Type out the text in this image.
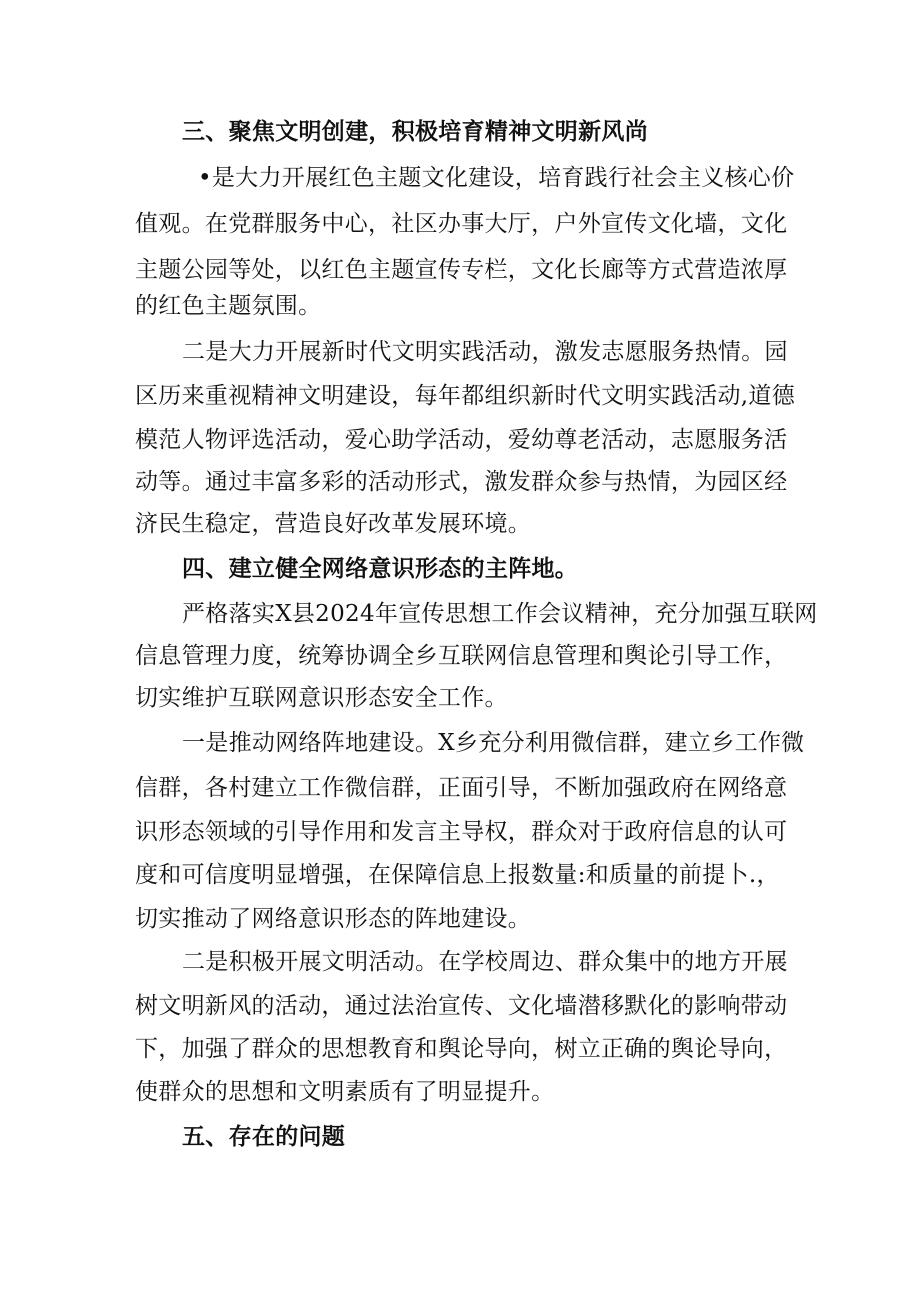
三、聚焦文明创建，积极培育精神文明新风尚
•是大力开展红色主题文化建设，培育践行社会主义核心价
值观。在党群服务中心，社区办事大厅，户外宣传文化墙，文化
主题公园等处，以红色主题宣传专栏，文化长廊等方式营造浓厚
的红色主题氛围。
二是大力开展新时代文明实践活动，激发志愿服务热情。园
区历来重视精神文明建设，每年都组织新时代文明实践活动,道德
模范人物评选活动，爱心助学活动，爱幼尊老活动，志愿服务活
动等。通过丰富多彩的活动形式，激发群众参与热情，为园区经
济民生稳定，营造良好改革发展环境。
四、建立健全网络意识形态的主阵地。
严格落实X县2024年宣传思想工作会议精神，充分加强互联网
信息管理力度，统筹协调全乡互联网信息管理和舆论引导工作，
切实维护互联网意识形态安全工作。
一是推动网络阵地建设。X乡充分利用微信群，建立乡工作微
信群，各村建立工作微信群，正面引导，不断加强政府在网络意
识形态领域的引导作用和发言主导权，群众对于政府信息的认可
度和可信度明显增强，在保障信息上报数量:和质量的前提卜.，
切实推动了网络意识形态的阵地建设。
二是积极开展文明活动。在学校周边、群众集中的地方开展
树文明新风的活动，通过法治宣传、文化墙潜移默化的影响带动
下，加强了群众的思想教育和舆论导向，树立正确的舆论导向，
使群众的思想和文明素质有了明显提升。
五、存在的问题
